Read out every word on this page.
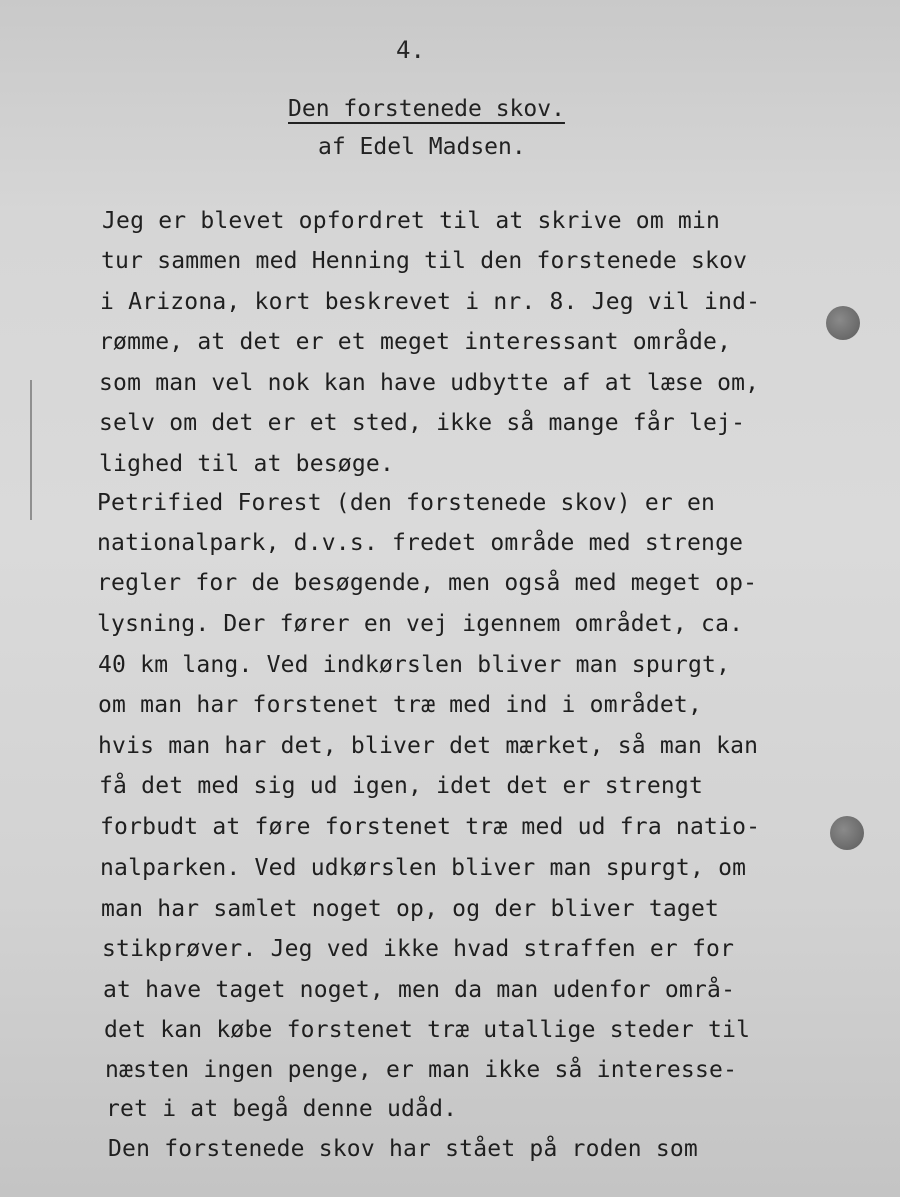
4.
Den forstenede skov.
af Edel Madsen.
Jeg er blevet opfordret til at skrive om min
tur sammen med Henning til den forstenede skov
i Arizona, kort beskrevet i nr. 8. Jeg vil ind-
rømme, at det er et meget interessant område,
som man vel nok kan have udbytte af at læse om,
selv om det er et sted, ikke så mange får lej-
lighed til at besøge.
Petrified Forest (den forstenede skov) er en
nationalpark, d.v.s. fredet område med strenge
regler for de besøgende, men også med meget op-
lysning. Der fører en vej igennem området, ca.
40 km lang. Ved indkørslen bliver man spurgt,
om man har forstenet træ med ind i området,
hvis man har det, bliver det mærket, så man kan
få det med sig ud igen, idet det er strengt
forbudt at føre forstenet træ med ud fra natio-
nalparken. Ved udkørslen bliver man spurgt, om
man har samlet noget op, og der bliver taget
stikprøver. Jeg ved ikke hvad straffen er for
at have taget noget, men da man udenfor områ-
det kan købe forstenet træ utallige steder til
næsten ingen penge, er man ikke så interesse-
ret i at begå denne udåd.
Den forstenede skov har stået på roden som
